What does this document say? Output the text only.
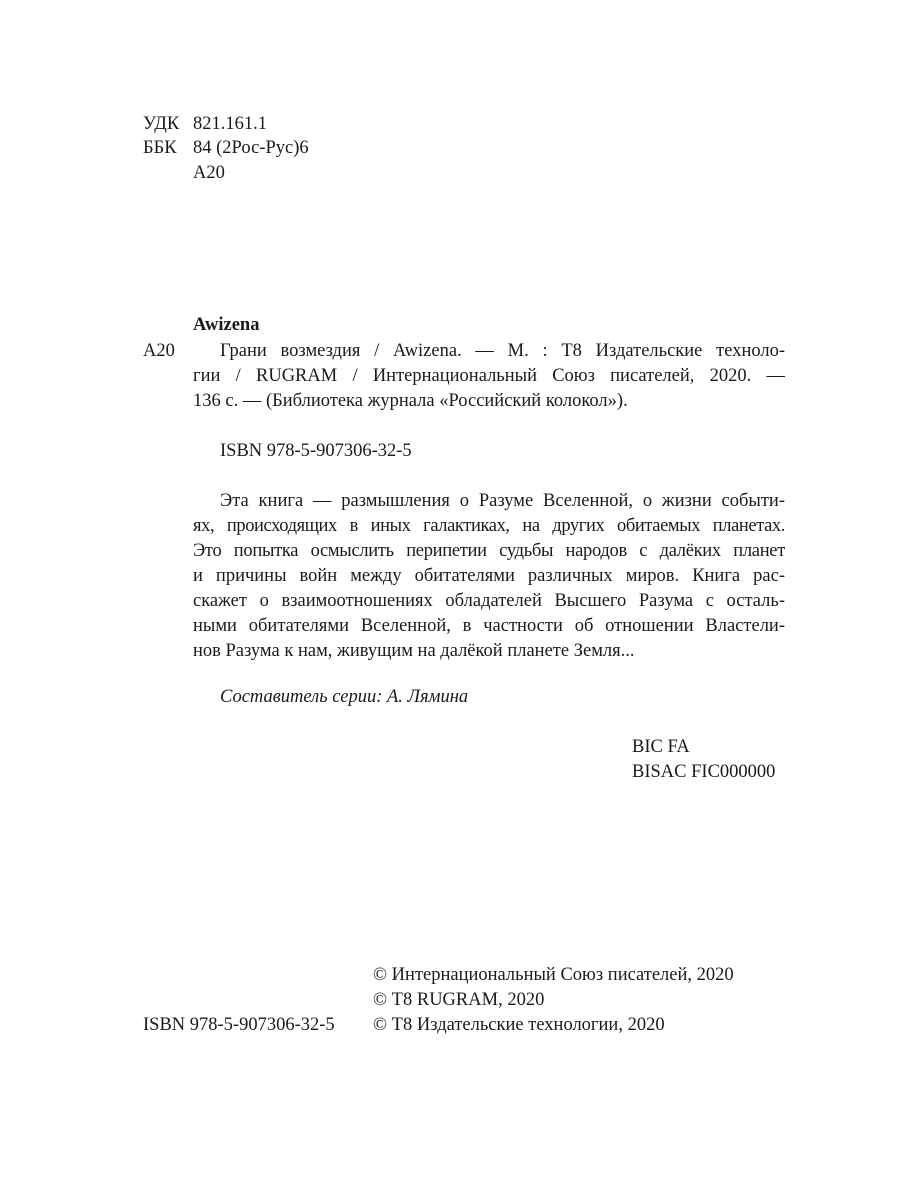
УДК 821.161.1
ББК 84 (2Рос-Рус)6
А20
Awizena
А20 Грани возмездия / Awizena. — М. : Т8 Издательские техноло-
гии / RUGRAM / Интернациональный Союз писателей, 2020. —
136 с. — (Библиотека журнала «Российский колокол»).
ISBN 978-5-907306-32-5
Эта книга — размышления о Разуме Вселенной, о жизни событи-
ях, происходящих в иных галактиках, на других обитаемых планетах.
Это попытка осмыслить перипетии судьбы народов с далёких планет
и причины войн между обитателями различных миров. Книга рас-
скажет о взаимоотношениях обладателей Высшего Разума с осталь-
ными обитателями Вселенной, в частности об отношении Властели-
нов Разума к нам, живущим на далёкой планете Земля...
Составитель серии: А. Лямина
BIC FA
BISAC FIC000000
© Интернациональный Союз писателей, 2020
© Т8 RUGRAM, 2020
ISBN 978-5-907306-32-5 © Т8 Издательские технологии, 2020
